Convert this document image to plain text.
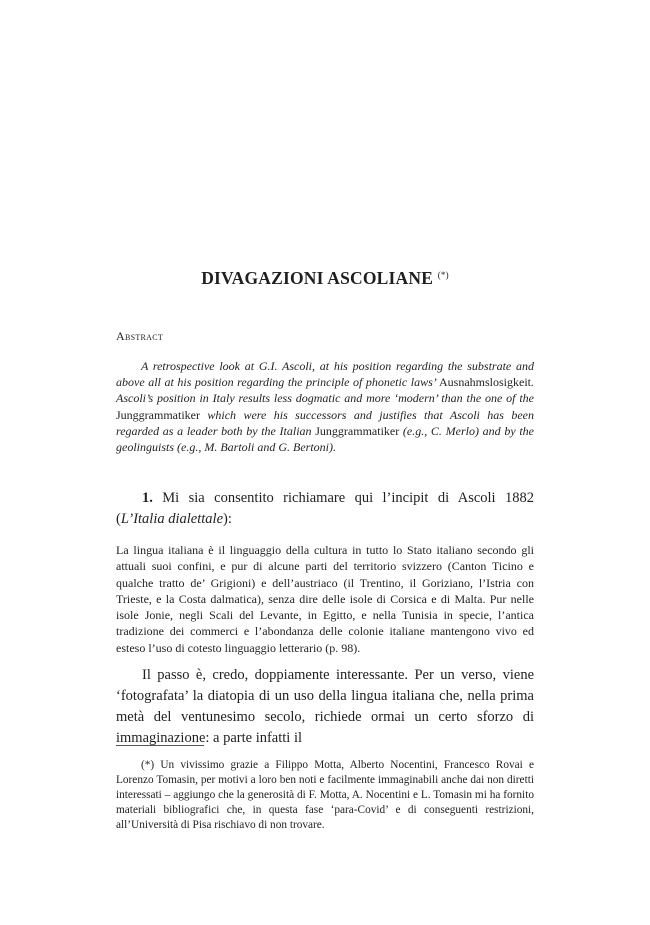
DIVAGAZIONI ASCOLIANE (*)
Abstract

A retrospective look at G.I. Ascoli, at his position regarding the substrate and above all at his position regarding the principle of phonetic laws’ Ausnahmslosigkeit. Ascoli’s position in Italy results less dogmatic and more ‘modern’ than the one of the Junggrammatiker which were his successors and justifies that Ascoli has been regarded as a leader both by the Italian Junggrammatiker (e.g., C. Merlo) and by the geolinguists (e.g., M. Bartoli and G. Bertoni).

1. Mi sia consentito richiamare qui l’incipit di Ascoli 1882 (L’Italia dialettale):

La lingua italiana è il linguaggio della cultura in tutto lo Stato italiano secondo gli attuali suoi confini, e pur di alcune parti del territorio svizzero (Canton Ticino e qualche tratto de’ Grigioni) e dell’austriaco (il Trentino, il Goriziano, l’Istria con Trieste, e la Costa dalmatica), senza dire delle isole di Corsica e di Malta. Pur nelle isole Jonie, negli Scali del Levante, in Egitto, e nella Tunisia in specie, l’antica tradizione dei commerci e l’abondanza delle colonie italiane mantengono vivo ed esteso l’uso di cotesto linguaggio letterario (p. 98).

Il passo è, credo, doppiamente interessante. Per un verso, viene ‘fotografata’ la diatopia di un uso della lingua italiana che, nella prima metà del ventunesimo secolo, richiede ormai un certo sforzo di immaginazione: a parte infatti il

(*) Un vivissimo grazie a Filippo Motta, Alberto Nocentini, Francesco Rovai e Lorenzo Tomasin, per motivi a loro ben noti e facilmente immaginabili anche dai non diretti interessati – aggiungo che la generosità di F. Motta, A. Nocentini e L. Tomasin mi ha fornito materiali bibliografici che, in questa fase ‘para-Covid’ e di conseguenti restrizioni, all’Università di Pisa rischiavo di non trovare.
